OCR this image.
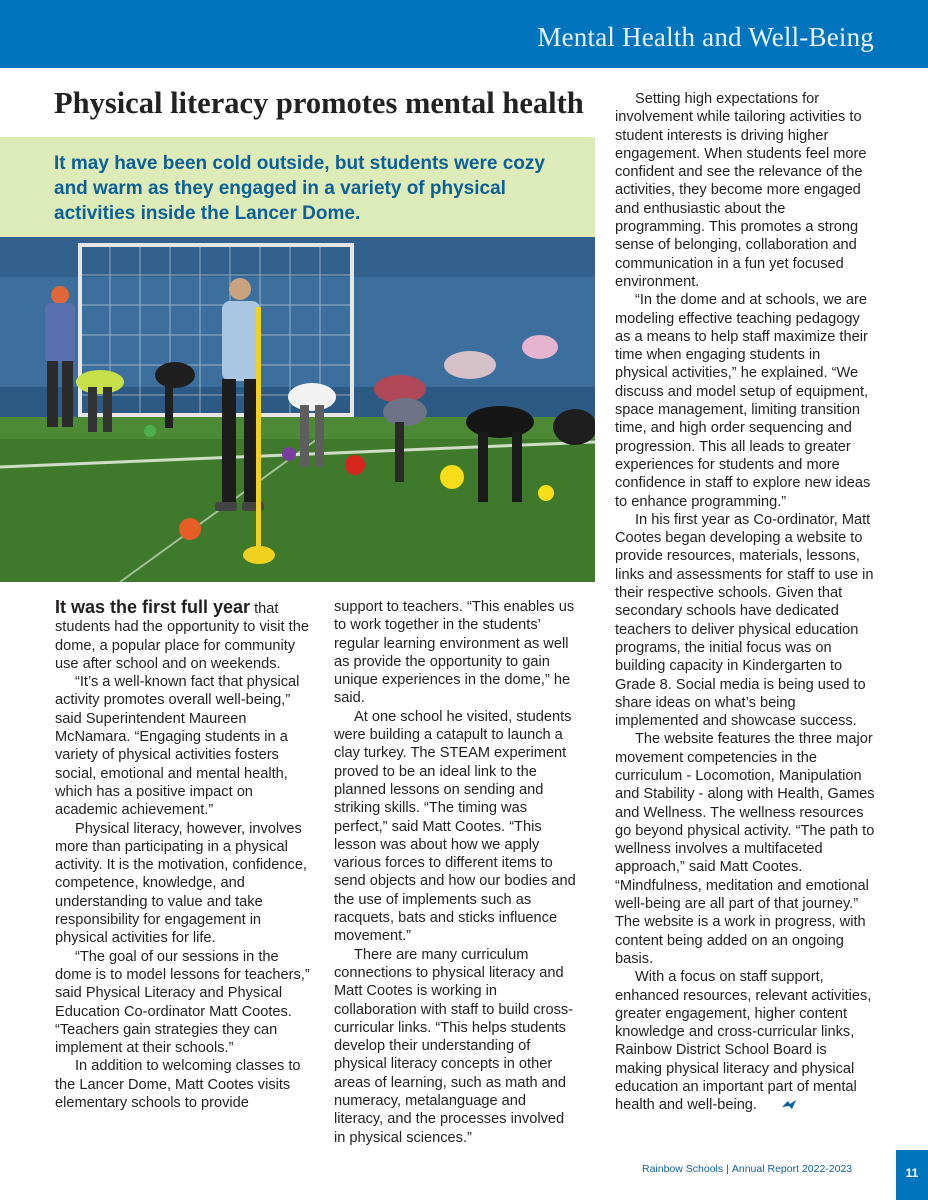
Mental Health and Well-Being
Physical literacy promotes mental health
It may have been cold outside, but students were cozy and warm as they engaged in a variety of physical activities inside the Lancer Dome.

It was the first full year that students had the opportunity to visit the dome, a popular place for community use after school and on weekends.

“It’s a well-known fact that physical activity promotes overall well-being,” said Superintendent Maureen McNamara. “Engaging students in a variety of physical activities fosters social, emotional and mental health, which has a positive impact on academic achievement.”

Physical literacy, however, involves more than participating in a physical activity. It is the motivation, confidence, competence, knowledge, and understanding to value and take responsibility for engagement in physical activities for life.

“The goal of our sessions in the dome is to model lessons for teachers,” said Physical Literacy and Physical Education Co-ordinator Matt Cootes. “Teachers gain strategies they can implement at their schools.”

In addition to welcoming classes to the Lancer Dome, Matt Cootes visits elementary schools to provide

support to teachers. “This enables us to work together in the students’ regular learning environment as well as provide the opportunity to gain unique experiences in the dome,” he said.

At one school he visited, students were building a catapult to launch a clay turkey. The STEAM experiment proved to be an ideal link to the planned lessons on sending and striking skills. “The timing was perfect,” said Matt Cootes. “This lesson was about how we apply various forces to different items to send objects and how our bodies and the use of implements such as racquets, bats and sticks influence movement.”

There are many curriculum connections to physical literacy and Matt Cootes is working in collaboration with staff to build cross-curricular links. “This helps students develop their understanding of physical literacy concepts in other areas of learning, such as math and numeracy, metalanguage and literacy, and the processes involved in physical sciences.”

Setting high expectations for involvement while tailoring activities to student interests is driving higher engagement. When students feel more confident and see the relevance of the activities, they become more engaged and enthusiastic about the programming. This promotes a strong sense of belonging, collaboration and communication in a fun yet focused environment.

“In the dome and at schools, we are modeling effective teaching pedagogy as a means to help staff maximize their time when engaging students in physical activities,” he explained. “We discuss and model setup of equipment, space management, limiting transition time, and high order sequencing and progression. This all leads to greater experiences for students and more confidence in staff to explore new ideas to enhance programming.”

In his first year as Co-ordinator, Matt Cootes began developing a website to provide resources, materials, lessons, links and assessments for staff to use in their respective schools. Given that secondary schools have dedicated teachers to deliver physical education programs, the initial focus was on building capacity in Kindergarten to Grade 8. Social media is being used to share ideas on what’s being implemented and showcase success.

The website features the three major movement competencies in the curriculum - Locomotion, Manipulation and Stability - along with Health, Games and Wellness. The wellness resources go beyond physical activity. “The path to wellness involves a multifaceted approach,” said Matt Cootes. “Mindfulness, meditation and emotional well-being are all part of that journey.” The website is a work in progress, with content being added on an ongoing basis.

With a focus on staff support, enhanced resources, relevant activities, greater engagement, higher content knowledge and cross-curricular links, Rainbow District School Board is making physical literacy and physical education an important part of mental health and well-being.

Rainbow Schools | Annual Report 2022-2023	11
